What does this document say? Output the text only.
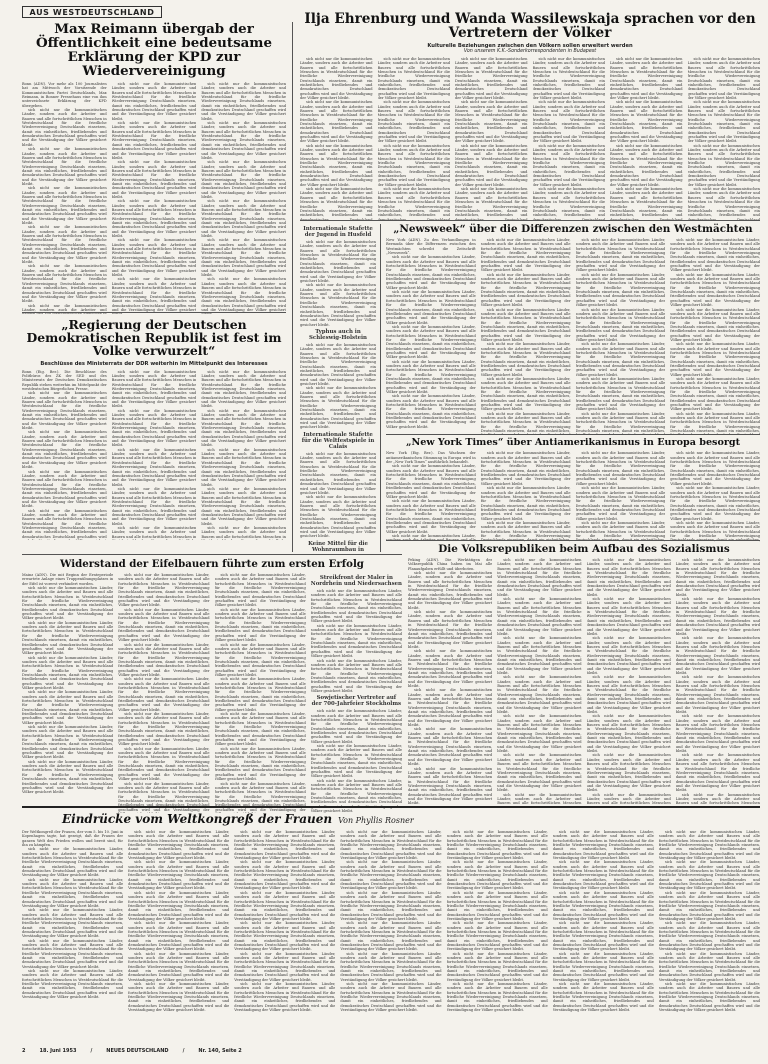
AUS WESTDEUTSCHLAND
Max Reimann übergab der Öffentlichkeit eine bedeutsame Erklärung der KPD zur Wiedervereinigung

Bonn (ADN). Vor mehr als 100 Journalisten hat am Mittwoch der Vorsitzende der Kommunistischen Partei Deutschlands, Max Reimann, in Bonner Pressehaus eine von ihm unterzeichnete Erklärung der KPD übergeben.

sich nicht nur die kommunistischen Länder, sondern auch die Arbeiter und Bauern und alle fortschrittlichen Menschen in Westdeutschland für die friedliche Wiedervereinigung Deutschlands einsetzen, damit ein einheitliches, friedliebendes und demokratisches Deutschland geschaffen wird und die Verständigung der Völker gesichert bleibt.

sich nicht nur die kommunistischen Länder, sondern auch die Arbeiter und Bauern und alle fortschrittlichen Menschen in Westdeutschland für die friedliche Wiedervereinigung Deutschlands einsetzen, damit ein einheitliches, friedliebendes und demokratisches Deutschland geschaffen wird und die Verständigung der Völker gesichert bleibt.

sich nicht nur die kommunistischen Länder, sondern auch die Arbeiter und Bauern und alle fortschrittlichen Menschen in Westdeutschland für die friedliche Wiedervereinigung Deutschlands einsetzen, damit ein einheitliches, friedliebendes und demokratisches Deutschland geschaffen wird und die Verständigung der Völker gesichert bleibt.

sich nicht nur die kommunistischen Länder, sondern auch die Arbeiter und Bauern und alle fortschrittlichen Menschen in Westdeutschland für die friedliche Wiedervereinigung Deutschlands einsetzen, damit ein einheitliches, friedliebendes und demokratisches Deutschland geschaffen wird und die Verständigung der Völker gesichert bleibt.

sich nicht nur die kommunistischen Länder, sondern auch die Arbeiter und Bauern und alle fortschrittlichen Menschen in Westdeutschland für die friedliche Wiedervereinigung Deutschlands einsetzen, damit ein einheitliches, friedliebendes und demokratisches Deutschland geschaffen wird und die Verständigung der Völker gesichert bleibt.

sich nicht nur die kommunistischen Länder, sondern auch die Arbeiter und

sich nicht nur die kommunistischen Länder, sondern auch die Arbeiter und Bauern und alle fortschrittlichen Menschen in Westdeutschland für die friedliche Wiedervereinigung Deutschlands einsetzen, damit ein einheitliches, friedliebendes und demokratisches Deutschland geschaffen wird und die Verständigung der Völker gesichert bleibt.

sich nicht nur die kommunistischen Länder, sondern auch die Arbeiter und Bauern und alle fortschrittlichen Menschen in Westdeutschland für die friedliche Wiedervereinigung Deutschlands einsetzen, damit ein einheitliches, friedliebendes und demokratisches Deutschland geschaffen wird und die Verständigung der Völker gesichert bleibt.

sich nicht nur die kommunistischen Länder, sondern auch die Arbeiter und Bauern und alle fortschrittlichen Menschen in Westdeutschland für die friedliche Wiedervereinigung Deutschlands einsetzen, damit ein einheitliches, friedliebendes und demokratisches Deutschland geschaffen wird und die Verständigung der Völker gesichert bleibt.

sich nicht nur die kommunistischen Länder, sondern auch die Arbeiter und Bauern und alle fortschrittlichen Menschen in Westdeutschland für die friedliche Wiedervereinigung Deutschlands einsetzen, damit ein einheitliches, friedliebendes und demokratisches Deutschland geschaffen wird und die Verständigung der Völker gesichert bleibt.

sich nicht nur die kommunistischen Länder, sondern auch die Arbeiter und Bauern und alle fortschrittlichen Menschen in Westdeutschland für die friedliche Wiedervereinigung Deutschlands einsetzen, damit ein einheitliches, friedliebendes und demokratisches Deutschland geschaffen wird und die Verständigung der Völker gesichert bleibt.

sich nicht nur die kommunistischen Länder, sondern auch die Arbeiter und Bauern und alle fortschrittlichen Menschen in Westdeutschland für die friedliche Wiedervereinigung Deutschlands einsetzen, damit ein einheitliches, friedliebendes und demokratisches Deutschland geschaffen wird und die Verständigung der Völker gesichert

sich nicht nur die kommunistischen Länder, sondern auch die Arbeiter und Bauern und alle fortschrittlichen Menschen in Westdeutschland für die friedliche Wiedervereinigung Deutschlands einsetzen, damit ein einheitliches, friedliebendes und demokratisches Deutschland geschaffen wird und die Verständigung der Völker gesichert bleibt.

sich nicht nur die kommunistischen Länder, sondern auch die Arbeiter und Bauern und alle fortschrittlichen Menschen in Westdeutschland für die friedliche Wiedervereinigung Deutschlands einsetzen, damit ein einheitliches, friedliebendes und demokratisches Deutschland geschaffen wird und die Verständigung der Völker gesichert bleibt.

sich nicht nur die kommunistischen Länder, sondern auch die Arbeiter und Bauern und alle fortschrittlichen Menschen in Westdeutschland für die friedliche Wiedervereinigung Deutschlands einsetzen, damit ein einheitliches, friedliebendes und demokratisches Deutschland geschaffen wird und die Verständigung der Völker gesichert bleibt.

sich nicht nur die kommunistischen Länder, sondern auch die Arbeiter und Bauern und alle fortschrittlichen Menschen in Westdeutschland für die friedliche Wiedervereinigung Deutschlands einsetzen, damit ein einheitliches, friedliebendes und demokratisches Deutschland geschaffen wird und die Verständigung der Völker gesichert bleibt.

sich nicht nur die kommunistischen Länder, sondern auch die Arbeiter und Bauern und alle fortschrittlichen Menschen in Westdeutschland für die friedliche Wiedervereinigung Deutschlands einsetzen, damit ein einheitliches, friedliebendes und demokratisches Deutschland geschaffen wird und die Verständigung der Völker gesichert bleibt.

sich nicht nur die kommunistischen Länder, sondern auch die Arbeiter und Bauern und alle fortschrittlichen Menschen in Westdeutschland für die friedliche Wiedervereinigung Deutschlands einsetzen, damit ein einheitliches, friedliebendes und demokratisches Deutschland geschaffen wird und die Verständigung der Völker gesichert

„Regierung der Deutschen Demokratischen Republik ist fest im Volke verwurzelt“
Beschlüsse des Ministerrats der DDR weiterhin im Mittelpunkt des Interesses

Bonn (Eig. Ber.). Die Beschlüsse des Politbüros des ZK der SED und des Ministerrats der Deutschen Demokratischen Republik stehen weiterhin im Mittelpunkt der westdeutschen Bürgerlichen Presse.

sich nicht nur die kommunistischen Länder, sondern auch die Arbeiter und Bauern und alle fortschrittlichen Menschen in Westdeutschland für die friedliche Wiedervereinigung Deutschlands einsetzen, damit ein einheitliches, friedliebendes und demokratisches Deutschland geschaffen wird und die Verständigung der Völker gesichert bleibt.

sich nicht nur die kommunistischen Länder, sondern auch die Arbeiter und Bauern und alle fortschrittlichen Menschen in Westdeutschland für die friedliche Wiedervereinigung Deutschlands einsetzen, damit ein einheitliches, friedliebendes und demokratisches Deutschland geschaffen wird und die Verständigung der Völker gesichert bleibt.

sich nicht nur die kommunistischen Länder, sondern auch die Arbeiter und Bauern und alle fortschrittlichen Menschen in Westdeutschland für die friedliche Wiedervereinigung Deutschlands einsetzen, damit ein einheitliches, friedliebendes und demokratisches Deutschland geschaffen wird und die Verständigung der Völker gesichert bleibt.

sich nicht nur die kommunistischen Länder, sondern auch die Arbeiter und Bauern und alle fortschrittlichen Menschen in Westdeutschland für die friedliche Wiedervereinigung Deutschlands einsetzen, damit ein einheitliches, friedliebendes und demokratisches Deutschland geschaffen wird

sich nicht nur die kommunistischen Länder, sondern auch die Arbeiter und Bauern und alle fortschrittlichen Menschen in Westdeutschland für die friedliche Wiedervereinigung Deutschlands einsetzen, damit ein einheitliches, friedliebendes und demokratisches Deutschland geschaffen wird und die Verständigung der Völker gesichert bleibt.

sich nicht nur die kommunistischen Länder, sondern auch die Arbeiter und Bauern und alle fortschrittlichen Menschen in Westdeutschland für die friedliche Wiedervereinigung Deutschlands einsetzen, damit ein einheitliches, friedliebendes und demokratisches Deutschland geschaffen wird und die Verständigung der Völker gesichert bleibt.

sich nicht nur die kommunistischen Länder, sondern auch die Arbeiter und Bauern und alle fortschrittlichen Menschen in Westdeutschland für die friedliche Wiedervereinigung Deutschlands einsetzen, damit ein einheitliches, friedliebendes und demokratisches Deutschland geschaffen wird und die Verständigung der Völker gesichert bleibt.

sich nicht nur die kommunistischen Länder, sondern auch die Arbeiter und Bauern und alle fortschrittlichen Menschen in Westdeutschland für die friedliche Wiedervereinigung Deutschlands einsetzen, damit ein einheitliches, friedliebendes und demokratisches Deutschland geschaffen wird und die Verständigung der Völker gesichert bleibt.

sich nicht nur die kommunistischen Länder, sondern auch die Arbeiter und Bauern und alle fortschrittlichen Menschen in

sich nicht nur die kommunistischen Länder, sondern auch die Arbeiter und Bauern und alle fortschrittlichen Menschen in Westdeutschland für die friedliche Wiedervereinigung Deutschlands einsetzen, damit ein einheitliches, friedliebendes und demokratisches Deutschland geschaffen wird und die Verständigung der Völker gesichert bleibt.

sich nicht nur die kommunistischen Länder, sondern auch die Arbeiter und Bauern und alle fortschrittlichen Menschen in Westdeutschland für die friedliche Wiedervereinigung Deutschlands einsetzen, damit ein einheitliches, friedliebendes und demokratisches Deutschland geschaffen wird und die Verständigung der Völker gesichert bleibt.

sich nicht nur die kommunistischen Länder, sondern auch die Arbeiter und Bauern und alle fortschrittlichen Menschen in Westdeutschland für die friedliche Wiedervereinigung Deutschlands einsetzen, damit ein einheitliches, friedliebendes und demokratisches Deutschland geschaffen wird und die Verständigung der Völker gesichert bleibt.

sich nicht nur die kommunistischen Länder, sondern auch die Arbeiter und Bauern und alle fortschrittlichen Menschen in Westdeutschland für die friedliche Wiedervereinigung Deutschlands einsetzen, damit ein einheitliches, friedliebendes und demokratisches Deutschland geschaffen wird und die Verständigung der Völker gesichert bleibt.

sich nicht nur die kommunistischen Länder, sondern auch die Arbeiter und Bauern und alle fortschrittlichen Menschen in

Widerstand der Eifelbauern führte zum ersten Erfolg

Mainz (ADN). Die mit Beginn der Ernteperiode erwartete Anlage eines Truppenübungsplatzes in der Eifel ist vorerst verhindert worden.

sich nicht nur die kommunistischen Länder, sondern auch die Arbeiter und Bauern und alle fortschrittlichen Menschen in Westdeutschland für die friedliche Wiedervereinigung Deutschlands einsetzen, damit ein einheitliches, friedliebendes und demokratisches Deutschland geschaffen wird und die Verständigung der Völker gesichert bleibt.

sich nicht nur die kommunistischen Länder, sondern auch die Arbeiter und Bauern und alle fortschrittlichen Menschen in Westdeutschland für die friedliche Wiedervereinigung Deutschlands einsetzen, damit ein einheitliches, friedliebendes und demokratisches Deutschland geschaffen wird und die Verständigung der Völker gesichert bleibt.

sich nicht nur die kommunistischen Länder, sondern auch die Arbeiter und Bauern und alle fortschrittlichen Menschen in Westdeutschland für die friedliche Wiedervereinigung Deutschlands einsetzen, damit ein einheitliches, friedliebendes und demokratisches Deutschland geschaffen wird und die Verständigung der Völker gesichert bleibt.

sich nicht nur die kommunistischen Länder, sondern auch die Arbeiter und Bauern und alle fortschrittlichen Menschen in Westdeutschland für die friedliche Wiedervereinigung Deutschlands einsetzen, damit ein einheitliches, friedliebendes und demokratisches Deutschland geschaffen wird und die Verständigung der Völker gesichert bleibt.

sich nicht nur die kommunistischen Länder, sondern auch die Arbeiter und Bauern und alle fortschrittlichen Menschen in Westdeutschland für die friedliche Wiedervereinigung Deutschlands einsetzen, damit ein einheitliches, friedliebendes und demokratisches Deutschland geschaffen wird und die Verständigung der Völker gesichert bleibt.

sich nicht nur die kommunistischen Länder, sondern auch die Arbeiter und Bauern und alle fortschrittlichen Menschen in Westdeutschland für die friedliche Wiedervereinigung Deutschlands einsetzen, damit ein einheitliches, friedliebendes und demokratisches Deutschland geschaffen wird und die Verständigung der Völker gesichert bleibt.

sich nicht nur die kommunistischen Länder, sondern auch die Arbeiter und Bauern und alle fortschrittlichen Menschen in Westdeutschland für die friedliche Wiedervereinigung Deutschlands einsetzen, damit ein einheitliches, friedliebendes und demokratisches Deutschland geschaffen wird und die Verständigung der Völker gesichert bleibt.

sich nicht nur die kommunistischen Länder, sondern auch die Arbeiter und Bauern und alle fortschrittlichen Menschen in Westdeutschland für die friedliche Wiedervereinigung Deutschlands einsetzen, damit ein einheitliches, friedliebendes und demokratisches Deutschland geschaffen wird und die Verständigung der Völker gesichert bleibt.

sich nicht nur die kommunistischen Länder, sondern auch die Arbeiter und Bauern und alle fortschrittlichen Menschen in Westdeutschland für die friedliche Wiedervereinigung Deutschlands einsetzen, damit ein einheitliches, friedliebendes und demokratisches Deutschland geschaffen wird und die Verständigung der Völker gesichert bleibt.

sich nicht nur die kommunistischen Länder, sondern auch die Arbeiter und Bauern und alle fortschrittlichen Menschen in Westdeutschland für die friedliche Wiedervereinigung Deutschlands einsetzen, damit ein einheitliches, friedliebendes und demokratisches Deutschland geschaffen wird und die Verständigung der Völker gesichert bleibt.

sich nicht nur die kommunistischen Länder, sondern auch die Arbeiter und Bauern und alle fortschrittlichen Menschen in Westdeutschland für die friedliche Wiedervereinigung Deutschlands einsetzen, damit ein einheitliches, friedliebendes und demokratisches Deutschland geschaffen wird und die Verständigung der Völker gesichert bleibt.

sich nicht nur die kommunistischen Länder, sondern auch die Arbeiter und Bauern und alle fortschrittlichen Menschen in Westdeutschland für die friedliche Wiedervereinigung Deutschlands einsetzen, damit ein einheitliches, friedliebendes und demokratisches Deutschland geschaffen wird und die Verständigung der Völker gesichert bleibt.

sich nicht nur die kommunistischen Länder, sondern auch die Arbeiter und Bauern und alle fortschrittlichen Menschen in Westdeutschland für die friedliche Wiedervereinigung Deutschlands einsetzen, damit ein einheitliches, geschaffen wird und die Verständigung der

sich nicht nur die kommunistischen Länder, sondern auch die Arbeiter und Bauern und alle fortschrittlichen Menschen in Westdeutschland für die friedliche Wiedervereinigung Deutschlands einsetzen, damit ein einheitliches, friedliebendes und demokratisches Deutschland geschaffen wird und die Verständigung der Völker gesichert bleibt.

sich nicht nur die kommunistischen Länder, sondern auch die Arbeiter und Bauern und alle fortschrittlichen Menschen in Westdeutschland für die friedliche Wiedervereinigung Deutschlands einsetzen, damit ein einheitliches, friedliebendes und demokratisches Deutschland geschaffen wird und die Verständigung der Völker gesichert bleibt.

sich nicht nur die kommunistischen Länder, sondern auch die Arbeiter und Bauern und alle fortschrittlichen Menschen in Westdeutschland für die friedliche Wiedervereinigung Deutschlands einsetzen, damit ein einheitliches, friedliebendes und demokratisches Deutschland geschaffen wird und die Verständigung der Völker gesichert bleibt.

sich nicht nur die kommunistischen Länder, sondern auch die Arbeiter und Bauern und alle fortschrittlichen Menschen in Westdeutschland für die friedliche Wiedervereinigung Deutschlands einsetzen, damit ein einheitliches, friedliebendes und demokratisches Deutschland geschaffen wird und die Verständigung der Völker gesichert bleibt.

sich nicht nur die kommunistischen Länder, sondern auch die Arbeiter und Bauern und alle fortschrittlichen Menschen in Westdeutschland für die friedliche Wiedervereinigung Deutschlands einsetzen, damit ein einheitliches, friedliebendes und demokratisches Deutschland geschaffen wird und die Verständigung der Völker gesichert bleibt.

sich nicht nur die kommunistischen Länder, sondern auch die Arbeiter und Bauern und alle fortschrittlichen Menschen in Westdeutschland für die friedliche Wiedervereinigung Deutschlands einsetzen, damit ein einheitliches, friedliebendes und demokratisches Deutschland geschaffen wird und die Verständigung der Völker gesichert bleibt.

sich nicht nur die kommunistischen Länder, sondern auch die Arbeiter und Bauern und alle fortschrittlichen Menschen in Westdeutschland für die friedliche Wiedervereinigung Deutschlands einsetzen, damit ein einheitliches, geschaffen wird und die Verständigung der

Streikfront der Maler in Nordrhein und Niedersachsen

sich nicht nur die kommunistischen Länder, sondern auch die Arbeiter und Bauern und alle fortschrittlichen Menschen in Westdeutschland für die friedliche Wiedervereinigung Deutschlands einsetzen, damit ein einheitliches, friedliebendes und demokratisches Deutschland geschaffen wird und die Verständigung der Völker gesichert bleibt.

sich nicht nur die kommunistischen Länder, sondern auch die Arbeiter und Bauern und alle fortschrittlichen Menschen in Westdeutschland für die friedliche Wiedervereinigung Deutschlands einsetzen, damit ein einheitliches, friedliebendes und demokratisches Deutschland geschaffen wird und die Verständigung der Völker gesichert bleibt.

sich nicht nur die kommunistischen Länder, sondern auch die Arbeiter und Bauern und alle fortschrittlichen Menschen in Westdeutschland für die friedliche Wiedervereinigung Deutschlands einsetzen, damit ein einheitliches, friedliebendes und demokratisches Deutschland geschaffen wird und die Verständigung der Völker gesichert bleibt.

Sowjetischer Vertreter auf der 700-Jahrfeier Stockholms

sich nicht nur die kommunistischen Länder, sondern auch die Arbeiter und Bauern und alle fortschrittlichen Menschen in Westdeutschland für die friedliche Wiedervereinigung Deutschlands einsetzen, damit ein einheitliches, friedliebendes und demokratisches Deutschland geschaffen wird und die Verständigung der Völker gesichert bleibt.

sich nicht nur die kommunistischen Länder, sondern auch die Arbeiter und Bauern und alle fortschrittlichen Menschen in Westdeutschland für die friedliche Wiedervereinigung Deutschlands einsetzen, damit ein einheitliches, friedliebendes und demokratisches Deutschland geschaffen wird und die Verständigung der Völker gesichert bleibt.

sich nicht nur die kommunistischen Länder, sondern auch die Arbeiter und Bauern und alle fortschrittlichen Menschen in Westdeutschland für die friedliche Wiedervereinigung Deutschlands einsetzen, damit ein einheitliches, friedliebendes und demokratisches Deutschland Völker gesichert bleibt.

Ilja Ehrenburg und Wanda Wassilewskaja sprachen vor den Vertretern der Völker
Kulturelle Beziehungen zwischen den Völkern sollen erweitert werden
Von unserem K.K.-Sonderkorrespondenten in Budapest

sich nicht nur die kommunistischen Länder, sondern auch die Arbeiter und Bauern und alle fortschrittlichen Menschen in Westdeutschland für die friedliche Wiedervereinigung Deutschlands einsetzen, damit ein einheitliches, friedliebendes und demokratisches Deutschland geschaffen wird und die Verständigung der Völker gesichert bleibt.

sich nicht nur die kommunistischen Länder, sondern auch die Arbeiter und Bauern und alle fortschrittlichen Menschen in Westdeutschland für die friedliche Wiedervereinigung Deutschlands einsetzen, damit ein einheitliches, friedliebendes und demokratisches Deutschland geschaffen wird und die Verständigung der Völker gesichert bleibt.

sich nicht nur die kommunistischen Länder, sondern auch die Arbeiter und Bauern und alle fortschrittlichen Menschen in Westdeutschland für die friedliche Wiedervereinigung Deutschlands einsetzen, damit ein einheitliches, friedliebendes und demokratisches Deutschland geschaffen wird und die Verständigung der Völker gesichert bleibt.

sich nicht nur die kommunistischen Länder, sondern auch die Arbeiter und Bauern und alle fortschrittlichen Menschen in Westdeutschland für die friedliche Wiedervereinigung Deutschlands einsetzen, damit ein einheitliches, friedliebendes und

sich nicht nur die kommunistischen Länder, sondern auch die Arbeiter und Bauern und alle fortschrittlichen Menschen in Westdeutschland für die friedliche Wiedervereinigung Deutschlands einsetzen, damit ein einheitliches, friedliebendes und demokratisches Deutschland geschaffen wird und die Verständigung der Völker gesichert bleibt.

sich nicht nur die kommunistischen Länder, sondern auch die Arbeiter und Bauern und alle fortschrittlichen Menschen in Westdeutschland für die friedliche Wiedervereinigung Deutschlands einsetzen, damit ein einheitliches, friedliebendes und demokratisches Deutschland geschaffen wird und die Verständigung der Völker gesichert bleibt.

sich nicht nur die kommunistischen Länder, sondern auch die Arbeiter und Bauern und alle fortschrittlichen Menschen in Westdeutschland für die friedliche Wiedervereinigung Deutschlands einsetzen, damit ein einheitliches, friedliebendes und demokratisches Deutschland geschaffen wird und die Verständigung der Völker gesichert bleibt.

sich nicht nur die kommunistischen Länder, sondern auch die Arbeiter und Bauern und alle fortschrittlichen Menschen in Westdeutschland für die friedliche Wiedervereinigung Deutschlands einsetzen, damit ein einheitliches, friedliebendes und

sich nicht nur die kommunistischen Länder, sondern auch die Arbeiter und Bauern und alle fortschrittlichen Menschen in Westdeutschland für die friedliche Wiedervereinigung Deutschlands einsetzen, damit ein einheitliches, friedliebendes und demokratisches Deutschland geschaffen wird und die Verständigung der Völker gesichert bleibt.

sich nicht nur die kommunistischen Länder, sondern auch die Arbeiter und Bauern und alle fortschrittlichen Menschen in Westdeutschland für die friedliche Wiedervereinigung Deutschlands einsetzen, damit ein einheitliches, friedliebendes und demokratisches Deutschland geschaffen wird und die Verständigung der Völker gesichert bleibt.

sich nicht nur die kommunistischen Länder, sondern auch die Arbeiter und Bauern und alle fortschrittlichen Menschen in Westdeutschland für die friedliche Wiedervereinigung Deutschlands einsetzen, damit ein einheitliches, friedliebendes und demokratisches Deutschland geschaffen wird und die Verständigung der Völker gesichert bleibt.

sich nicht nur die kommunistischen Länder, sondern auch die Arbeiter und Bauern und alle fortschrittlichen Menschen in Westdeutschland für die friedliche Wiedervereinigung Deutschlands einsetzen, damit ein einheitliches, friedliebendes und

sich nicht nur die kommunistischen Länder, sondern auch die Arbeiter und Bauern und alle fortschrittlichen Menschen in Westdeutschland für die friedliche Wiedervereinigung Deutschlands einsetzen, damit ein einheitliches, friedliebendes und demokratisches Deutschland geschaffen wird und die Verständigung der Völker gesichert bleibt.

sich nicht nur die kommunistischen Länder, sondern auch die Arbeiter und Bauern und alle fortschrittlichen Menschen in Westdeutschland für die friedliche Wiedervereinigung Deutschlands einsetzen, damit ein einheitliches, friedliebendes und demokratisches Deutschland geschaffen wird und die Verständigung der Völker gesichert bleibt.

sich nicht nur die kommunistischen Länder, sondern auch die Arbeiter und Bauern und alle fortschrittlichen Menschen in Westdeutschland für die friedliche Wiedervereinigung Deutschlands einsetzen, damit ein einheitliches, friedliebendes und demokratisches Deutschland geschaffen wird und die Verständigung der Völker gesichert bleibt.

sich nicht nur die kommunistischen Länder, sondern auch die Arbeiter und Bauern und alle fortschrittlichen Menschen in Westdeutschland für die friedliche Wiedervereinigung Deutschlands einsetzen, damit ein einheitliches, friedliebendes und

sich nicht nur die kommunistischen Länder, sondern auch die Arbeiter und Bauern und alle fortschrittlichen Menschen in Westdeutschland für die friedliche Wiedervereinigung Deutschlands einsetzen, damit ein einheitliches, friedliebendes und demokratisches Deutschland geschaffen wird und die Verständigung der Völker gesichert bleibt.

sich nicht nur die kommunistischen Länder, sondern auch die Arbeiter und Bauern und alle fortschrittlichen Menschen in Westdeutschland für die friedliche Wiedervereinigung Deutschlands einsetzen, damit ein einheitliches, friedliebendes und demokratisches Deutschland geschaffen wird und die Verständigung der Völker gesichert bleibt.

sich nicht nur die kommunistischen Länder, sondern auch die Arbeiter und Bauern und alle fortschrittlichen Menschen in Westdeutschland für die friedliche Wiedervereinigung Deutschlands einsetzen, damit ein einheitliches, friedliebendes und demokratisches Deutschland geschaffen wird und die Verständigung der Völker gesichert bleibt.

sich nicht nur die kommunistischen Länder, sondern auch die Arbeiter und Bauern und alle fortschrittlichen Menschen in Westdeutschland für die friedliche Wiedervereinigung Deutschlands einsetzen, damit ein einheitliches, friedliebendes und

sich nicht nur die kommunistischen Länder, sondern auch die Arbeiter und Bauern und alle fortschrittlichen Menschen in Westdeutschland für die friedliche Wiedervereinigung Deutschlands einsetzen, damit ein einheitliches, friedliebendes und demokratisches Deutschland geschaffen wird und die Verständigung der Völker gesichert bleibt.

sich nicht nur die kommunistischen Länder, sondern auch die Arbeiter und Bauern und alle fortschrittlichen Menschen in Westdeutschland für die friedliche Wiedervereinigung Deutschlands einsetzen, damit ein einheitliches, friedliebendes und demokratisches Deutschland geschaffen wird und die Verständigung der Völker gesichert bleibt.

sich nicht nur die kommunistischen Länder, sondern auch die Arbeiter und Bauern und alle fortschrittlichen Menschen in Westdeutschland für die friedliche Wiedervereinigung Deutschlands einsetzen, damit ein einheitliches, friedliebendes und demokratisches Deutschland geschaffen wird und die Verständigung der Völker gesichert bleibt.

sich nicht nur die kommunistischen Länder, sondern auch die Arbeiter und Bauern und alle fortschrittlichen Menschen in Westdeutschland für die friedliche Wiedervereinigung Deutschlands einsetzen, damit ein einheitliches, friedliebendes und

Internationale Stafette der Jugend in Husfeld

sich nicht nur die kommunistischen Länder, sondern auch die Arbeiter und Bauern und alle fortschrittlichen Menschen in Westdeutschland für die friedliche Wiedervereinigung Deutschlands einsetzen, damit ein einheitliches, friedliebendes und demokratisches Deutschland geschaffen wird und die Verständigung der Völker gesichert bleibt.

sich nicht nur die kommunistischen Länder, sondern auch die Arbeiter und Bauern und alle fortschrittlichen Menschen in Westdeutschland für die friedliche Wiedervereinigung Deutschlands einsetzen, damit ein einheitliches, friedliebendes und demokratisches Deutschland geschaffen wird und die Verständigung der Völker gesichert bleibt.

Typhus auch in Schleswig-Holstein

sich nicht nur die kommunistischen Länder, sondern auch die Arbeiter und Bauern und alle fortschrittlichen Menschen in Westdeutschland für die friedliche Wiedervereinigung Deutschlands einsetzen, damit ein einheitliches, friedliebendes und demokratisches Deutschland geschaffen wird und die Verständigung der Völker gesichert bleibt.

sich nicht nur die kommunistischen Länder, sondern auch die Arbeiter und Bauern und alle fortschrittlichen Menschen in Westdeutschland für die friedliche Wiedervereinigung Deutschlands einsetzen, damit ein einheitliches, friedliebendes und demokratisches Deutschland geschaffen wird und die Verständigung der Völker gesichert bleibt.

Internationale Stafette für die Weltfestspiele in Calais

sich nicht nur die kommunistischen Länder, sondern auch die Arbeiter und Bauern und alle fortschrittlichen Menschen in Westdeutschland für die friedliche Wiedervereinigung Deutschlands einsetzen, damit ein einheitliches, friedliebendes und demokratisches Deutschland geschaffen wird und die Verständigung der Völker gesichert bleibt.

sich nicht nur die kommunistischen Länder, sondern auch die Arbeiter und Bauern und alle fortschrittlichen Menschen in Westdeutschland für die friedliche Wiedervereinigung Deutschlands einsetzen, damit ein einheitliches, friedliebendes und demokratisches Deutschland geschaffen wird und die Verständigung der Völker gesichert bleibt.

Keine Mittel für die Wohnraumbau in

„Newsweek“ über die Differenzen zwischen den Westmächten

New York (ADN). Zu den Verhandlungen in Bermuda über die Differenzen zwischen den Westmächten schreibt die Zeitschrift „Newsweek“.

sich nicht nur die kommunistischen Länder, sondern auch die Arbeiter und Bauern und alle fortschrittlichen Menschen in Westdeutschland für die friedliche Wiedervereinigung Deutschlands einsetzen, damit ein einheitliches, friedliebendes und demokratisches Deutschland geschaffen wird und die Verständigung der Völker gesichert bleibt.

sich nicht nur die kommunistischen Länder, sondern auch die Arbeiter und Bauern und alle fortschrittlichen Menschen in Westdeutschland für die friedliche Wiedervereinigung Deutschlands einsetzen, damit ein einheitliches, friedliebendes und demokratisches Deutschland geschaffen wird und die Verständigung der Völker gesichert bleibt.

sich nicht nur die kommunistischen Länder, sondern auch die Arbeiter und Bauern und alle fortschrittlichen Menschen in Westdeutschland für die friedliche Wiedervereinigung Deutschlands einsetzen, damit ein einheitliches, friedliebendes und demokratisches Deutschland geschaffen wird und die Verständigung der Völker gesichert bleibt.

sich nicht nur die kommunistischen Länder, sondern auch die Arbeiter und Bauern und alle fortschrittlichen Menschen in Westdeutschland für die friedliche Wiedervereinigung Deutschlands einsetzen, damit ein einheitliches, friedliebendes und demokratisches Deutschland geschaffen wird und die Verständigung der Völker gesichert bleibt.

sich nicht nur die kommunistischen Länder, sondern auch die Arbeiter und Bauern und alle fortschrittlichen Menschen in Westdeutschland für die friedliche Wiedervereinigung Deutschlands einsetzen, damit ein einheitliches, friedliebendes und demokratisches Deutschland geschaffen wird und die Verständigung der Völker gesichert bleibt.

sich nicht nur die kommunistischen Länder, sondern auch die Arbeiter und Bauern und alle fortschrittlichen Menschen in Westdeutschland für die friedliche Wiedervereinigung Deutschlands einsetzen, damit ein einheitliches, friedliebendes und demokratisches Deutschland geschaffen wird und die Verständigung der Völker gesichert bleibt.

sich nicht nur die kommunistischen Länder, sondern auch die Arbeiter und Bauern und alle fortschrittlichen Menschen in Westdeutschland für die friedliche Wiedervereinigung Deutschlands einsetzen, damit ein einheitliches, friedliebendes und demokratisches Deutschland geschaffen wird und die Verständigung der Völker gesichert bleibt.

sich nicht nur die kommunistischen Länder, sondern auch die Arbeiter und Bauern und alle fortschrittlichen Menschen in Westdeutschland für die friedliche Wiedervereinigung Deutschlands einsetzen, damit ein einheitliches, friedliebendes und demokratisches Deutschland geschaffen wird und die Verständigung der Völker gesichert bleibt.

sich nicht nur die kommunistischen Länder, sondern auch die Arbeiter und Bauern und alle fortschrittlichen Menschen in Westdeutschland für die friedliche Wiedervereinigung Deutschlands einsetzen, damit ein einheitliches, friedliebendes und demokratisches Deutschland geschaffen wird und die Verständigung der Völker gesichert bleibt.

sich nicht nur die kommunistischen Länder, sondern auch die Arbeiter und Bauern und alle fortschrittlichen Menschen in Westdeutschland für die friedliche Wiedervereinigung Deutschlands einsetzen, damit ein einheitliches, friedliebendes und demokratisches Deutschland geschaffen wird und die Verständigung der Völker gesichert bleibt.

sich nicht nur die kommunistischen Länder, sondern auch die Arbeiter und Bauern und alle fortschrittlichen Menschen in Westdeutschland für die friedliche Wiedervereinigung Deutschlands einsetzen, damit ein einheitliches,

sich nicht nur die kommunistischen Länder, sondern auch die Arbeiter und Bauern und alle fortschrittlichen Menschen in Westdeutschland für die friedliche Wiedervereinigung Deutschlands einsetzen, damit ein einheitliches, friedliebendes und demokratisches Deutschland geschaffen wird und die Verständigung der Völker gesichert bleibt.

sich nicht nur die kommunistischen Länder, sondern auch die Arbeiter und Bauern und alle fortschrittlichen Menschen in Westdeutschland für die friedliche Wiedervereinigung Deutschlands einsetzen, damit ein einheitliches, friedliebendes und demokratisches Deutschland geschaffen wird und die Verständigung der Völker gesichert bleibt.

sich nicht nur die kommunistischen Länder, sondern auch die Arbeiter und Bauern und alle fortschrittlichen Menschen in Westdeutschland für die friedliche Wiedervereinigung Deutschlands einsetzen, damit ein einheitliches, friedliebendes und demokratisches Deutschland geschaffen wird und die Verständigung der Völker gesichert bleibt.

sich nicht nur die kommunistischen Länder, sondern auch die Arbeiter und Bauern und alle fortschrittlichen Menschen in Westdeutschland für die friedliche Wiedervereinigung Deutschlands einsetzen, damit ein einheitliches, friedliebendes und demokratisches Deutschland geschaffen wird und die Verständigung der Völker gesichert bleibt.

sich nicht nur die kommunistischen Länder, sondern auch die Arbeiter und Bauern und alle fortschrittlichen Menschen in Westdeutschland für die friedliche Wiedervereinigung Deutschlands einsetzen, damit ein einheitliches, friedliebendes und demokratisches Deutschland geschaffen wird und die Verständigung der Völker gesichert bleibt.

sich nicht nur die kommunistischen Länder, sondern auch die Arbeiter und Bauern und alle fortschrittlichen Menschen in Westdeutschland für die friedliche Wiedervereinigung Deutschlands einsetzen, damit ein einheitliches,

sich nicht nur die kommunistischen Länder, sondern auch die Arbeiter und Bauern und alle fortschrittlichen Menschen in Westdeutschland für die friedliche Wiedervereinigung Deutschlands einsetzen, damit ein einheitliches, friedliebendes und demokratisches Deutschland geschaffen wird und die Verständigung der Völker gesichert bleibt.

sich nicht nur die kommunistischen Länder, sondern auch die Arbeiter und Bauern und alle fortschrittlichen Menschen in Westdeutschland für die friedliche Wiedervereinigung Deutschlands einsetzen, damit ein einheitliches, friedliebendes und demokratisches Deutschland geschaffen wird und die Verständigung der Völker gesichert bleibt.

sich nicht nur die kommunistischen Länder, sondern auch die Arbeiter und Bauern und alle fortschrittlichen Menschen in Westdeutschland für die friedliche Wiedervereinigung Deutschlands einsetzen, damit ein einheitliches, friedliebendes und demokratisches Deutschland geschaffen wird und die Verständigung der Völker gesichert bleibt.

sich nicht nur die kommunistischen Länder, sondern auch die Arbeiter und Bauern und alle fortschrittlichen Menschen in Westdeutschland für die friedliche Wiedervereinigung Deutschlands einsetzen, damit ein einheitliches, friedliebendes und demokratisches Deutschland geschaffen wird und die Verständigung der Völker gesichert bleibt.

sich nicht nur die kommunistischen Länder, sondern auch die Arbeiter und Bauern und alle fortschrittlichen Menschen in Westdeutschland für die friedliche Wiedervereinigung Deutschlands einsetzen, damit ein einheitliches, friedliebendes und demokratisches Deutschland geschaffen wird und die Verständigung der Völker gesichert bleibt.

sich nicht nur die kommunistischen Länder, sondern auch die Arbeiter und Bauern und alle fortschrittlichen Menschen in Westdeutschland für die friedliche Wiedervereinigung Deutschlands einsetzen, damit ein einheitliches,

„New York Times“ über Antiamerikanismus in Europa besorgt

New York (Eig. Ber.). Das Wachsen der antiamerikanischen Stimmung in Europa wird in der „New York Times“ ausführlich behandelt.

sich nicht nur die kommunistischen Länder, sondern auch die Arbeiter und Bauern und alle fortschrittlichen Menschen in Westdeutschland für die friedliche Wiedervereinigung Deutschlands einsetzen, damit ein einheitliches, friedliebendes und demokratisches Deutschland geschaffen wird und die Verständigung der Völker gesichert bleibt.

sich nicht nur die kommunistischen Länder, sondern auch die Arbeiter und Bauern und alle fortschrittlichen Menschen in Westdeutschland für die friedliche Wiedervereinigung Deutschlands einsetzen, damit ein einheitliches, friedliebendes und demokratisches Deutschland geschaffen wird und die Verständigung der Völker gesichert bleibt.

sich nicht nur die kommunistischen Länder,

sich nicht nur die kommunistischen Länder, sondern auch die Arbeiter und Bauern und alle fortschrittlichen Menschen in Westdeutschland für die friedliche Wiedervereinigung Deutschlands einsetzen, damit ein einheitliches, friedliebendes und demokratisches Deutschland geschaffen wird und die Verständigung der Völker gesichert bleibt.

sich nicht nur die kommunistischen Länder, sondern auch die Arbeiter und Bauern und alle fortschrittlichen Menschen in Westdeutschland für die friedliche Wiedervereinigung Deutschlands einsetzen, damit ein einheitliches, friedliebendes und demokratisches Deutschland geschaffen wird und die Verständigung der Völker gesichert bleibt.

sich nicht nur die kommunistischen Länder, sondern auch die Arbeiter und Bauern und alle fortschrittlichen Menschen in Westdeutschland für die friedliche Wiedervereinigung

sich nicht nur die kommunistischen Länder, sondern auch die Arbeiter und Bauern und alle fortschrittlichen Menschen in Westdeutschland für die friedliche Wiedervereinigung Deutschlands einsetzen, damit ein einheitliches, friedliebendes und demokratisches Deutschland geschaffen wird und die Verständigung der Völker gesichert bleibt.

sich nicht nur die kommunistischen Länder, sondern auch die Arbeiter und Bauern und alle fortschrittlichen Menschen in Westdeutschland für die friedliche Wiedervereinigung Deutschlands einsetzen, damit ein einheitliches, friedliebendes und demokratisches Deutschland geschaffen wird und die Verständigung der Völker gesichert bleibt.

sich nicht nur die kommunistischen Länder, sondern auch die Arbeiter und Bauern und alle fortschrittlichen Menschen in Westdeutschland für die friedliche Wiedervereinigung

sich nicht nur die kommunistischen Länder, sondern auch die Arbeiter und Bauern und alle fortschrittlichen Menschen in Westdeutschland für die friedliche Wiedervereinigung Deutschlands einsetzen, damit ein einheitliches, friedliebendes und demokratisches Deutschland geschaffen wird und die Verständigung der Völker gesichert bleibt.

sich nicht nur die kommunistischen Länder, sondern auch die Arbeiter und Bauern und alle fortschrittlichen Menschen in Westdeutschland für die friedliche Wiedervereinigung Deutschlands einsetzen, damit ein einheitliches, friedliebendes und demokratisches Deutschland geschaffen wird und die Verständigung der Völker gesichert bleibt.

sich nicht nur die kommunistischen Länder, sondern auch die Arbeiter und Bauern und alle fortschrittlichen Menschen in Westdeutschland für die friedliche Wiedervereinigung

Die Volksrepubliken beim Aufbau des Sozialismus

Peking (ADN). Die Werktätigen der Volksrepublik China haben im Mai alle Planaufgaben erfüllt und überboten.

sich nicht nur die kommunistischen Länder, sondern auch die Arbeiter und Bauern und alle fortschrittlichen Menschen in Westdeutschland für die friedliche Wiedervereinigung Deutschlands einsetzen, damit ein einheitliches, friedliebendes und demokratisches Deutschland geschaffen wird und die Verständigung der Völker gesichert bleibt.

sich nicht nur die kommunistischen Länder, sondern auch die Arbeiter und Bauern und alle fortschrittlichen Menschen in Westdeutschland für die friedliche Wiedervereinigung Deutschlands einsetzen, damit ein einheitliches, friedliebendes und demokratisches Deutschland geschaffen wird und die Verständigung der Völker gesichert bleibt.

sich nicht nur die kommunistischen Länder, sondern auch die Arbeiter und Bauern und alle fortschrittlichen Menschen in Westdeutschland für die friedliche Wiedervereinigung Deutschlands einsetzen, damit ein einheitliches, friedliebendes und demokratisches Deutschland geschaffen wird und die Verständigung der Völker gesichert bleibt.

sich nicht nur die kommunistischen Länder, sondern auch die Arbeiter und Bauern und alle fortschrittlichen Menschen in Westdeutschland für die friedliche Wiedervereinigung Deutschlands einsetzen, damit ein einheitliches, friedliebendes und demokratisches Deutschland geschaffen wird und die Verständigung der Völker gesichert bleibt.

sich nicht nur die kommunistischen Länder, sondern auch die Arbeiter und Bauern und alle fortschrittlichen Menschen in Westdeutschland für die friedliche Wiedervereinigung Deutschlands einsetzen, damit ein einheitliches, friedliebendes und demokratisches Deutschland geschaffen wird und die Verständigung der Völker gesichert bleibt.

sich nicht nur die kommunistischen Länder, sondern auch die Arbeiter und Bauern und alle fortschrittlichen Menschen in Westdeutschland für die friedliche Wiedervereinigung Deutschlands einsetzen, damit ein einheitliches, friedliebendes und demokratisches Deutschland geschaffen wird und die Verständigung der Völker gesichert bleibt.

sich nicht nur die kommunistischen Länder, sondern auch die Arbeiter und Bauern und alle fortschrittlichen Menschen in Westdeutschland für die friedliche Wiedervereinigung Deutschlands einsetzen, damit ein einheitliches, friedliebendes und demokratisches Deutschland geschaffen wird und die Verständigung der Völker gesichert bleibt.

sich nicht nur die kommunistischen Länder, sondern auch die Arbeiter und Bauern und alle fortschrittlichen Menschen in Westdeutschland für die friedliche Wiedervereinigung Deutschlands einsetzen, damit ein einheitliches, friedliebendes und demokratisches Deutschland geschaffen wird und die Verständigung der Völker gesichert bleibt.

sich nicht nur die kommunistischen Länder, sondern auch die Arbeiter und Bauern und alle fortschrittlichen Menschen in Westdeutschland für die friedliche Wiedervereinigung Deutschlands einsetzen, damit ein einheitliches, friedliebendes und demokratisches Deutschland geschaffen wird und die Verständigung der Völker gesichert bleibt.

sich nicht nur die kommunistischen Länder, sondern auch die Arbeiter und Bauern und alle fortschrittlichen Menschen in Westdeutschland für die friedliche Wiedervereinigung Deutschlands einsetzen, damit ein einheitliches, friedliebendes und demokratisches Deutschland geschaffen wird und die Verständigung der Völker gesichert bleibt.

sich nicht nur die kommunistischen Länder, sondern auch die Arbeiter und Bauern und alle fortschrittlichen Menschen in Westdeutschland für die friedliche Wiedervereinigung Deutschlands einsetzen, damit ein einheitliches, friedliebendes und demokratisches Deutschland geschaffen wird und die Verständigung der Völker gesichert bleibt.

sich nicht nur die kommunistischen Länder, sondern auch die Arbeiter und Bauern und alle fortschrittlichen Menschen in Westdeutschland für die friedliche Wiedervereinigung Deutschlands einsetzen, damit ein einheitliches, friedliebendes und demokratisches Deutschland geschaffen wird und die Verständigung der Völker gesichert bleibt.

sich nicht nur die kommunistischen Länder, sondern auch die Arbeiter und Bauern und alle fortschrittlichen Menschen

sich nicht nur die kommunistischen Länder, sondern auch die Arbeiter und Bauern und alle fortschrittlichen Menschen in Westdeutschland für die friedliche Wiedervereinigung Deutschlands einsetzen, damit ein einheitliches, friedliebendes und demokratisches Deutschland geschaffen wird und die Verständigung der Völker gesichert bleibt.

sich nicht nur die kommunistischen Länder, sondern auch die Arbeiter und Bauern und alle fortschrittlichen Menschen in Westdeutschland für die friedliche Wiedervereinigung Deutschlands einsetzen, damit ein einheitliches, friedliebendes und demokratisches Deutschland geschaffen wird und die Verständigung der Völker gesichert bleibt.

sich nicht nur die kommunistischen Länder, sondern auch die Arbeiter und Bauern und alle fortschrittlichen Menschen in Westdeutschland für die friedliche Wiedervereinigung Deutschlands einsetzen, damit ein einheitliches, friedliebendes und demokratisches Deutschland geschaffen wird und die Verständigung der Völker gesichert bleibt.

sich nicht nur die kommunistischen Länder, sondern auch die Arbeiter und Bauern und alle fortschrittlichen Menschen in Westdeutschland für die friedliche Wiedervereinigung Deutschlands einsetzen, damit ein einheitliches, friedliebendes und demokratisches Deutschland geschaffen wird und die Verständigung der Völker gesichert bleibt.

sich nicht nur die kommunistischen Länder, sondern auch die Arbeiter und Bauern und alle fortschrittlichen Menschen in Westdeutschland für die friedliche Wiedervereinigung Deutschlands einsetzen, damit ein einheitliches, friedliebendes und demokratisches Deutschland geschaffen wird und die Verständigung der Völker gesichert bleibt.

sich nicht nur die kommunistischen Länder, sondern auch die Arbeiter und Bauern und alle fortschrittlichen Menschen in Westdeutschland für die friedliche Wiedervereinigung Deutschlands einsetzen, damit ein einheitliches, friedliebendes und demokratisches Deutschland geschaffen wird und die Verständigung der Völker gesichert bleibt.

sich nicht nur die kommunistischen Länder, sondern auch die Arbeiter und Bauern und alle fortschrittlichen Menschen

sich nicht nur die kommunistischen Länder, sondern auch die Arbeiter und Bauern und alle fortschrittlichen Menschen in Westdeutschland für die friedliche Wiedervereinigung Deutschlands einsetzen, damit ein einheitliches, friedliebendes und demokratisches Deutschland geschaffen wird und die Verständigung der Völker gesichert bleibt.

sich nicht nur die kommunistischen Länder, sondern auch die Arbeiter und Bauern und alle fortschrittlichen Menschen in Westdeutschland für die friedliche Wiedervereinigung Deutschlands einsetzen, damit ein einheitliches, friedliebendes und demokratisches Deutschland geschaffen wird und die Verständigung der Völker gesichert bleibt.

sich nicht nur die kommunistischen Länder, sondern auch die Arbeiter und Bauern und alle fortschrittlichen Menschen in Westdeutschland für die friedliche Wiedervereinigung Deutschlands einsetzen, damit ein einheitliches, friedliebendes und demokratisches Deutschland geschaffen wird und die Verständigung der Völker gesichert bleibt.

sich nicht nur die kommunistischen Länder, sondern auch die Arbeiter und Bauern und alle fortschrittlichen Menschen in Westdeutschland für die friedliche Wiedervereinigung Deutschlands einsetzen, damit ein einheitliches, friedliebendes und demokratisches Deutschland geschaffen wird und die Verständigung der Völker gesichert bleibt.

sich nicht nur die kommunistischen Länder, sondern auch die Arbeiter und Bauern und alle fortschrittlichen Menschen in Westdeutschland für die friedliche Wiedervereinigung Deutschlands einsetzen, damit ein einheitliches, friedliebendes und demokratisches Deutschland geschaffen wird und die Verständigung der Völker gesichert bleibt.

sich nicht nur die kommunistischen Länder, sondern auch die Arbeiter und Bauern und alle fortschrittlichen Menschen in Westdeutschland für die friedliche Wiedervereinigung Deutschlands einsetzen, damit ein einheitliches, friedliebendes und demokratisches Deutschland geschaffen wird und die Verständigung der Völker gesichert bleibt.

sich nicht nur die kommunistischen Länder, sondern auch die Arbeiter und Bauern und alle fortschrittlichen Menschen

Eindrücke vom Weltkongreß der Frauen Von Phyllis Rosner

Der Weltkongreß der Frauen, der vom 5. bis 10. Juni in Kopenhagen tagte, hat gezeigt, daß die Frauen der ganzen Welt den Frieden wollen und bereit sind, für ihn zu kämpfen.

sich nicht nur die kommunistischen Länder, sondern auch die Arbeiter und Bauern und alle fortschrittlichen Menschen in Westdeutschland für die friedliche Wiedervereinigung Deutschlands einsetzen, damit ein einheitliches, friedliebendes und demokratisches Deutschland geschaffen wird und die Verständigung der Völker gesichert bleibt.

sich nicht nur die kommunistischen Länder, sondern auch die Arbeiter und Bauern und alle fortschrittlichen Menschen in Westdeutschland für die friedliche Wiedervereinigung Deutschlands einsetzen, damit ein einheitliches, friedliebendes und demokratisches Deutschland geschaffen wird und die Verständigung der Völker gesichert bleibt.

sich nicht nur die kommunistischen Länder, sondern auch die Arbeiter und Bauern und alle fortschrittlichen Menschen in Westdeutschland für die friedliche Wiedervereinigung Deutschlands einsetzen, damit ein einheitliches, friedliebendes und demokratisches Deutschland geschaffen wird und die Verständigung der Völker gesichert bleibt.

sich nicht nur die kommunistischen Länder, sondern auch die Arbeiter und Bauern und alle fortschrittlichen Menschen in Westdeutschland für die friedliche Wiedervereinigung Deutschlands einsetzen, damit ein einheitliches, friedliebendes und demokratisches Deutschland geschaffen wird und die Verständigung der Völker gesichert bleibt.

sich nicht nur die kommunistischen Länder, sondern auch die Arbeiter und Bauern und alle fortschrittlichen Menschen in Westdeutschland für die friedliche Wiedervereinigung Deutschlands einsetzen, damit ein einheitliches, friedliebendes und demokratisches Deutschland geschaffen wird und die Verständigung der Völker gesichert bleibt.

sich nicht nur die kommunistischen Länder, sondern auch die Arbeiter und Bauern und alle fortschrittlichen Menschen in Westdeutschland für die friedliche Wiedervereinigung Deutschlands einsetzen, damit ein einheitliches, friedliebendes und demokratisches Deutschland geschaffen wird und die Verständigung der Völker gesichert bleibt.

sich nicht nur die kommunistischen Länder, sondern auch die Arbeiter und Bauern und alle fortschrittlichen Menschen in Westdeutschland für die friedliche Wiedervereinigung Deutschlands einsetzen, damit ein einheitliches, friedliebendes und demokratisches Deutschland geschaffen wird und die Verständigung der Völker gesichert bleibt.

sich nicht nur die kommunistischen Länder, sondern auch die Arbeiter und Bauern und alle fortschrittlichen Menschen in Westdeutschland für die friedliche Wiedervereinigung Deutschlands einsetzen, damit ein einheitliches, friedliebendes und demokratisches Deutschland geschaffen wird und die Verständigung der Völker gesichert bleibt.

sich nicht nur die kommunistischen Länder, sondern auch die Arbeiter und Bauern und alle fortschrittlichen Menschen in Westdeutschland für die friedliche Wiedervereinigung Deutschlands einsetzen, damit ein einheitliches, friedliebendes und demokratisches Deutschland geschaffen wird und die Verständigung der Völker gesichert bleibt.

sich nicht nur die kommunistischen Länder, sondern auch die Arbeiter und Bauern und alle fortschrittlichen Menschen in Westdeutschland für die friedliche Wiedervereinigung Deutschlands einsetzen, damit ein einheitliches, friedliebendes und demokratisches Deutschland geschaffen wird und die Verständigung der Völker gesichert bleibt.

sich nicht nur die kommunistischen Länder, sondern auch die Arbeiter und Bauern und alle fortschrittlichen Menschen in Westdeutschland für die friedliche Wiedervereinigung Deutschlands einsetzen, damit ein einheitliches, friedliebendes und demokratisches Deutschland geschaffen wird und die Verständigung der Völker gesichert bleibt.

sich nicht nur die kommunistischen Länder, sondern auch die Arbeiter und Bauern und alle fortschrittlichen Menschen in Westdeutschland für die friedliche Wiedervereinigung Deutschlands einsetzen, damit ein einheitliches, friedliebendes und demokratisches Deutschland geschaffen wird und die Verständigung der Völker gesichert bleibt.

sich nicht nur die kommunistischen Länder, sondern auch die Arbeiter und Bauern und alle fortschrittlichen Menschen in Westdeutschland für die friedliche Wiedervereinigung Deutschlands einsetzen, damit ein einheitliches, friedliebendes und demokratisches Deutschland geschaffen wird und die Verständigung der Völker gesichert bleibt.

sich nicht nur die kommunistischen Länder, sondern auch die Arbeiter und Bauern und alle fortschrittlichen Menschen in Westdeutschland für die friedliche Wiedervereinigung Deutschlands einsetzen, damit ein einheitliches, friedliebendes und demokratisches Deutschland geschaffen wird und die Verständigung der Völker gesichert bleibt.

sich nicht nur die kommunistischen Länder, sondern auch die Arbeiter und Bauern und alle fortschrittlichen Menschen in Westdeutschland für die friedliche Wiedervereinigung Deutschlands einsetzen, damit ein einheitliches, friedliebendes und demokratisches Deutschland geschaffen wird und die Verständigung der Völker gesichert bleibt.

sich nicht nur die kommunistischen Länder, sondern auch die Arbeiter und Bauern und alle fortschrittlichen Menschen in Westdeutschland für die friedliche Wiedervereinigung Deutschlands einsetzen, damit ein einheitliches, friedliebendes und demokratisches Deutschland geschaffen wird und die Verständigung der Völker gesichert bleibt.

sich nicht nur die kommunistischen Länder, sondern auch die Arbeiter und Bauern und alle fortschrittlichen Menschen in Westdeutschland für die friedliche Wiedervereinigung Deutschlands einsetzen, damit ein einheitliches, friedliebendes und demokratisches Deutschland geschaffen wird und die Verständigung der Völker gesichert bleibt.

sich nicht nur die kommunistischen Länder, sondern auch die Arbeiter und Bauern und alle fortschrittlichen Menschen in Westdeutschland für die friedliche Wiedervereinigung Deutschlands einsetzen, damit ein einheitliches, friedliebendes und demokratisches Deutschland geschaffen wird und die Verständigung der Völker gesichert bleibt.

sich nicht nur die kommunistischen Länder, sondern auch die Arbeiter und Bauern und alle fortschrittlichen Menschen in Westdeutschland für die friedliche Wiedervereinigung Deutschlands einsetzen, damit ein einheitliches, friedliebendes und demokratisches Deutschland geschaffen wird und die Verständigung der Völker gesichert bleibt.

sich nicht nur die kommunistischen Länder, sondern auch die Arbeiter und Bauern und alle fortschrittlichen Menschen in Westdeutschland für die friedliche Wiedervereinigung Deutschlands einsetzen, damit ein einheitliches, friedliebendes und demokratisches Deutschland geschaffen wird und die Verständigung der Völker gesichert bleibt.

sich nicht nur die kommunistischen Länder, sondern auch die Arbeiter und Bauern und alle fortschrittlichen Menschen in Westdeutschland für die friedliche Wiedervereinigung Deutschlands einsetzen, damit ein einheitliches, friedliebendes und demokratisches Deutschland geschaffen wird und die Verständigung der Völker gesichert bleibt.

sich nicht nur die kommunistischen Länder, sondern auch die Arbeiter und Bauern und alle fortschrittlichen Menschen in Westdeutschland für die friedliche Wiedervereinigung Deutschlands einsetzen, damit ein einheitliches, friedliebendes und demokratisches Deutschland geschaffen wird und die Verständigung der Völker gesichert bleibt.

sich nicht nur die kommunistischen Länder, sondern auch die Arbeiter und Bauern und alle fortschrittlichen Menschen in Westdeutschland für die friedliche Wiedervereinigung Deutschlands einsetzen, damit ein einheitliches, friedliebendes und demokratisches Deutschland geschaffen wird und die Verständigung der Völker gesichert bleibt.

sich nicht nur die kommunistischen Länder, sondern auch die Arbeiter und Bauern und alle fortschrittlichen Menschen in Westdeutschland für die friedliche Wiedervereinigung Deutschlands einsetzen, damit ein einheitliches, friedliebendes und demokratisches Deutschland geschaffen wird und die Verständigung der Völker gesichert bleibt.

sich nicht nur die kommunistischen Länder, sondern auch die Arbeiter und Bauern und alle fortschrittlichen Menschen in Westdeutschland für die friedliche Wiedervereinigung Deutschlands einsetzen, damit ein einheitliches, friedliebendes und demokratisches Deutschland geschaffen wird und die Verständigung der Völker gesichert bleibt.

sich nicht nur die kommunistischen Länder, sondern auch die Arbeiter und Bauern und alle fortschrittlichen Menschen in Westdeutschland für die friedliche Wiedervereinigung Deutschlands einsetzen, damit ein einheitliches, friedliebendes und demokratisches Deutschland geschaffen wird und die Verständigung der Völker gesichert bleibt.

sich nicht nur die kommunistischen Länder, sondern auch die Arbeiter und Bauern und alle fortschrittlichen Menschen in Westdeutschland für die friedliche Wiedervereinigung Deutschlands einsetzen, damit ein einheitliches, friedliebendes und demokratisches Deutschland geschaffen wird und die Verständigung der Völker gesichert bleibt.

sich nicht nur die kommunistischen Länder, sondern auch die Arbeiter und Bauern und alle fortschrittlichen Menschen in Westdeutschland für die friedliche Wiedervereinigung Deutschlands einsetzen, damit ein einheitliches, friedliebendes und demokratisches Deutschland geschaffen wird und die Verständigung der Völker gesichert bleibt.

sich nicht nur die kommunistischen Länder, sondern auch die Arbeiter und Bauern und alle fortschrittlichen Menschen in Westdeutschland für die friedliche Wiedervereinigung Deutschlands einsetzen, damit ein einheitliches, friedliebendes und demokratisches Deutschland geschaffen wird und die Verständigung der Völker gesichert bleibt.

sich nicht nur die kommunistischen Länder, sondern auch die Arbeiter und Bauern und alle fortschrittlichen Menschen in Westdeutschland für die friedliche Wiedervereinigung Deutschlands einsetzen, damit ein einheitliches, friedliebendes und demokratisches Deutschland geschaffen wird und die Verständigung der Völker gesichert bleibt.

sich nicht nur die kommunistischen Länder, sondern auch die Arbeiter und Bauern und alle fortschrittlichen Menschen in Westdeutschland für die friedliche Wiedervereinigung Deutschlands einsetzen, damit ein einheitliches, friedliebendes und demokratisches Deutschland geschaffen wird und die Verständigung der Völker gesichert bleibt.

sich nicht nur die kommunistischen Länder, sondern auch die Arbeiter und Bauern und alle fortschrittlichen Menschen in Westdeutschland für die friedliche Wiedervereinigung Deutschlands einsetzen, damit ein einheitliches, friedliebendes und demokratisches Deutschland geschaffen wird und die Verständigung der Völker gesichert bleibt.

sich nicht nur die kommunistischen Länder, sondern auch die Arbeiter und Bauern und alle fortschrittlichen Menschen in Westdeutschland für die friedliche Wiedervereinigung Deutschlands einsetzen, damit ein einheitliches, friedliebendes und demokratisches Deutschland geschaffen wird und die Verständigung der Völker gesichert bleibt.

sich nicht nur die kommunistischen Länder, sondern auch die Arbeiter und Bauern und alle fortschrittlichen Menschen in Westdeutschland für die friedliche Wiedervereinigung Deutschlands einsetzen, damit ein einheitliches, friedliebendes und demokratisches Deutschland geschaffen wird und die Verständigung der Völker gesichert bleibt.

sich nicht nur die kommunistischen Länder, sondern auch die Arbeiter und Bauern und alle fortschrittlichen Menschen in Westdeutschland für die friedliche Wiedervereinigung Deutschlands einsetzen, damit ein einheitliches, friedliebendes und demokratisches Deutschland geschaffen wird und die Verständigung der Völker gesichert bleibt.

sich nicht nur die kommunistischen Länder, sondern auch die Arbeiter und Bauern und alle fortschrittlichen Menschen in Westdeutschland für die friedliche Wiedervereinigung Deutschlands einsetzen, damit ein einheitliches, friedliebendes und demokratisches Deutschland geschaffen wird und die Verständigung der Völker gesichert bleibt.

sich nicht nur die kommunistischen Länder, sondern auch die Arbeiter und Bauern und alle fortschrittlichen Menschen in Westdeutschland für die friedliche Wiedervereinigung Deutschlands einsetzen, damit ein einheitliches, friedliebendes und demokratisches Deutschland geschaffen wird und die Verständigung der Völker gesichert bleibt.

sich nicht nur die kommunistischen Länder, sondern auch die Arbeiter und Bauern und alle fortschrittlichen Menschen in Westdeutschland für die friedliche Wiedervereinigung Deutschlands einsetzen, damit ein einheitliches, friedliebendes und demokratisches Deutschland geschaffen wird und die Verständigung der Völker gesichert bleibt.

sich nicht nur die kommunistischen Länder, sondern auch die Arbeiter und Bauern und alle fortschrittlichen Menschen in Westdeutschland für die friedliche Wiedervereinigung Deutschlands einsetzen, damit ein einheitliches, friedliebendes und demokratisches Deutschland geschaffen wird und die Verständigung der Völker gesichert bleibt.

sich nicht nur die kommunistischen Länder, sondern auch die Arbeiter und Bauern und alle fortschrittlichen Menschen in Westdeutschland für die friedliche Wiedervereinigung Deutschlands einsetzen, damit ein einheitliches, friedliebendes und demokratisches Deutschland geschaffen wird und die Verständigung der Völker gesichert bleibt.

sich nicht nur die kommunistischen Länder, sondern auch die Arbeiter und Bauern und alle fortschrittlichen Menschen in Westdeutschland für die friedliche Wiedervereinigung Deutschlands einsetzen, damit ein einheitliches, friedliebendes und demokratisches Deutschland geschaffen wird und die Verständigung der Völker gesichert bleibt.

2	18. Juni 1953	/	NEUES DEUTSCHLAND	/	Nr. 140, Seite 2
